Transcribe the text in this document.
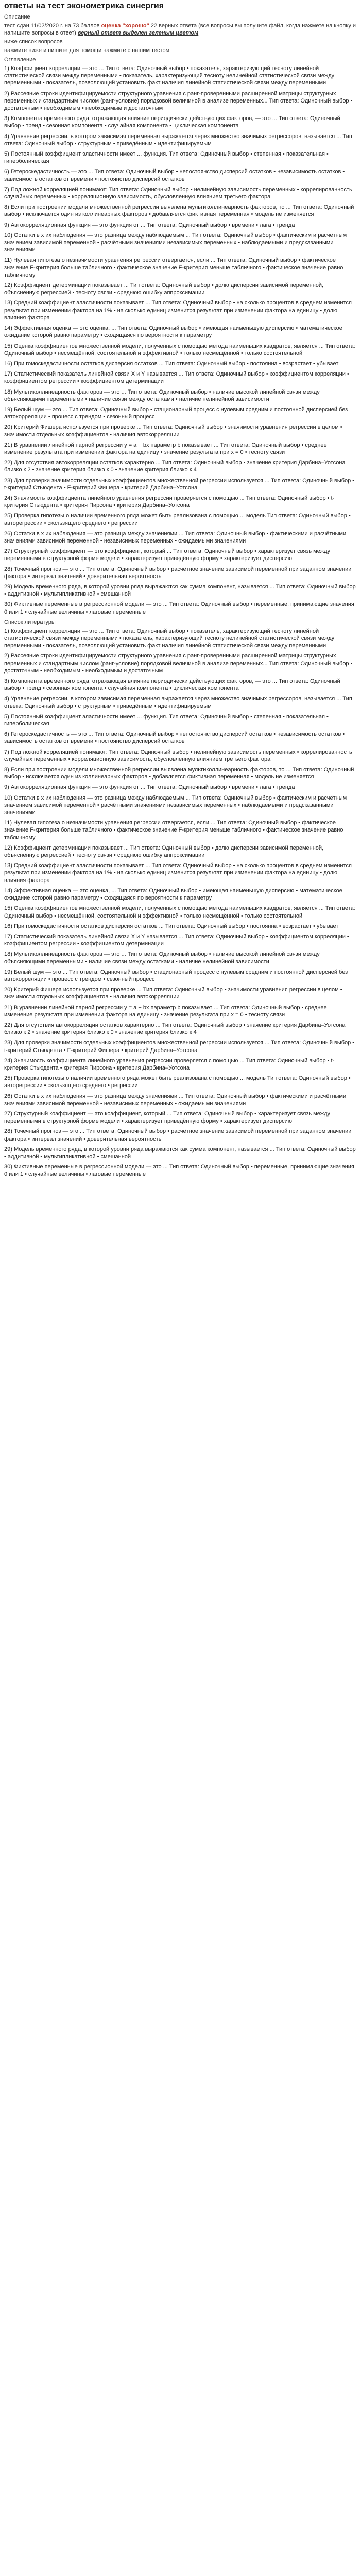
ответы на тест эконометрика синергия

Описание

тест сдан 11/02/2020 г. на 73 баллов оценка "хорошо" 22 верных ответа (все вопросы вы получите файл, когда нажмете на кнопку и напишите вопросы в ответ) верный ответ выделен зеленым цветом

ниже список вопросов

нажмите ниже и пишите для помощи нажмите с нашим тестом

Оглавление

1) Коэффициент корреляции — это ... Тип ответа: Одиночный выбор • показатель, характеризующий тесноту линейной статистической связи между переменными • показатель, характеризующий тесноту нелинейной статистической связи между переменными • показатель, позволяющий установить факт наличия линейной статистической связи между переменными

2) Рассеяние строки идентифицируемости структурного уравнения с ранг-проверенными расширенной матрицы структурных переменных и стандартным числом (ранг-условие) порядковой величиной в анализе переменных... Тип ответа: Одиночный выбор • достаточным • необходимым • необходимым и достаточным

3) Компонента временного ряда, отражающая влияние периодически действующих факторов, — это ... Тип ответа: Одиночный выбор • тренд • сезонная компонента • случайная компонента • циклическая компонента

4) Уравнение регрессии, в котором зависимая переменная выражается через множество значимых регрессоров, называется ... Тип ответа: Одиночный выбор • структурным • приведённым • идентифицируемым

5) Постоянный коэффициент эластичности имеет ... функция. Тип ответа: Одиночный выбор • степенная • показательная • гиперболическая

6) Гетероскедастичность — это ... Тип ответа: Одиночный выбор • непостоянство дисперсий остатков • независимость остатков • зависимость остатков от времени • постоянство дисперсий остатков

7) Под ложной корреляцией понимают: Тип ответа: Одиночный выбор • нелинейную зависимость переменных • коррелированность случайных переменных • корреляционную зависимость, обусловленную влиянием третьего фактора

8) Если при построении модели множественной регрессии выявлена мультиколлинеарность факторов, то ... Тип ответа: Одиночный выбор • исключается один из коллинеарных факторов • добавляется фиктивная переменная • модель не изменяется

9) Автокорреляционная функция — это функция от ... Тип ответа: Одиночный выбор • времени • лага • тренда

10) Остатки в х их наблюдения — это разница между наблюдаемым ... Тип ответа: Одиночный выбор • фактическим и расчётным значением зависимой переменной • расчётными значениями независимых переменных • наблюдаемыми и предсказанными значениями

11) Нулевая гипотеза о незначимости уравнения регрессии отвергается, если ... Тип ответа: Одиночный выбор • фактическое значение F-критерия больше табличного • фактическое значение F-критерия меньше табличного • фактическое значение равно табличному

12) Коэффициент детерминации показывает ... Тип ответа: Одиночный выбор • долю дисперсии зависимой переменной, объяснённую регрессией • тесноту связи • среднюю ошибку аппроксимации

13) Средний коэффициент эластичности показывает ... Тип ответа: Одиночный выбор • на сколько процентов в среднем изменится результат при изменении фактора на 1% • на сколько единиц изменится результат при изменении фактора на единицу • долю влияния фактора

14) Эффективная оценка — это оценка, ... Тип ответа: Одиночный выбор • имеющая наименьшую дисперсию • математическое ожидание которой равно параметру • сходящаяся по вероятности к параметру

15) Оценка коэффициентов множественной модели, полученных с помощью метода наименьших квадратов, является ... Тип ответа: Одиночный выбор • несмещённой, состоятельной и эффективной • только несмещённой • только состоятельной

16) При гомоскедастичности остатков дисперсия остатков ... Тип ответа: Одиночный выбор • постоянна • возрастает • убывает

17) Статистический показатель линейной связи X и Y называется ... Тип ответа: Одиночный выбор • коэффициентом корреляции • коэффициентом регрессии • коэффициентом детерминации

18) Мультиколлинеарность факторов — это ... Тип ответа: Одиночный выбор • наличие высокой линейной связи между объясняющими переменными • наличие связи между остатками • наличие нелинейной зависимости

19) Белый шум — это ... Тип ответа: Одиночный выбор • стационарный процесс с нулевым средним и постоянной дисперсией без автокорреляции • процесс с трендом • сезонный процесс

20) Критерий Фишера используется при проверке ... Тип ответа: Одиночный выбор • значимости уравнения регрессии в целом • значимости отдельных коэффициентов • наличия автокорреляции

21) В уравнении линейной парной регрессии y = a + bx параметр b показывает ... Тип ответа: Одиночный выбор • среднее изменение результата при изменении фактора на единицу • значение результата при x = 0 • тесноту связи

22) Для отсутствия автокорреляции остатков характерно ... Тип ответа: Одиночный выбор • значение критерия Дарбина–Уотсона близко к 2 • значение критерия близко к 0 • значение критерия близко к 4

23) Для проверки значимости отдельных коэффициентов множественной регрессии используется ... Тип ответа: Одиночный выбор • t-критерий Стьюдента • F-критерий Фишера • критерий Дарбина–Уотсона

24) Значимость коэффициента линейного уравнения регрессии проверяется с помощью ... Тип ответа: Одиночный выбор • t-критерия Стьюдента • критерия Пирсона • критерия Дарбина–Уотсона

25) Проверка гипотезы о наличии временного ряда может быть реализована с помощью ... модель Тип ответа: Одиночный выбор • авторегрессии • скользящего среднего • регрессии

26) Остатки в х их наблюдения — это разница между значениями ... Тип ответа: Одиночный выбор • фактическими и расчётными значениями зависимой переменной • независимых переменных • ожидаемыми значениями

27) Структурный коэффициент — это коэффициент, который ... Тип ответа: Одиночный выбор • характеризует связь между переменными в структурной форме модели • характеризует приведённую форму • характеризует дисперсию

28) Точечный прогноз — это ... Тип ответа: Одиночный выбор • расчётное значение зависимой переменной при заданном значении фактора • интервал значений • доверительная вероятность

29) Модель временного ряда, в которой уровни ряда выражаются как сумма компонент, называется ... Тип ответа: Одиночный выбор • аддитивной • мультипликативной • смешанной

30) Фиктивные переменные в регрессионной модели — это ... Тип ответа: Одиночный выбор • переменные, принимающие значения 0 или 1 • случайные величины • лаговые переменные

Список литературы

1) Коэффициент корреляции — это ... Тип ответа: Одиночный выбор • показатель, характеризующий тесноту линейной статистической связи между переменными • показатель, характеризующий тесноту нелинейной статистической связи между переменными • показатель, позволяющий установить факт наличия линейной статистической связи между переменными

2) Рассеяние строки идентифицируемости структурного уравнения с ранг-проверенными расширенной матрицы структурных переменных и стандартным числом (ранг-условие) порядковой величиной в анализе переменных... Тип ответа: Одиночный выбор • достаточным • необходимым • необходимым и достаточным

3) Компонента временного ряда, отражающая влияние периодически действующих факторов, — это ... Тип ответа: Одиночный выбор • тренд • сезонная компонента • случайная компонента • циклическая компонента

4) Уравнение регрессии, в котором зависимая переменная выражается через множество значимых регрессоров, называется ... Тип ответа: Одиночный выбор • структурным • приведённым • идентифицируемым

5) Постоянный коэффициент эластичности имеет ... функция. Тип ответа: Одиночный выбор • степенная • показательная • гиперболическая

6) Гетероскедастичность — это ... Тип ответа: Одиночный выбор • непостоянство дисперсий остатков • независимость остатков • зависимость остатков от времени • постоянство дисперсий остатков

7) Под ложной корреляцией понимают: Тип ответа: Одиночный выбор • нелинейную зависимость переменных • коррелированность случайных переменных • корреляционную зависимость, обусловленную влиянием третьего фактора

8) Если при построении модели множественной регрессии выявлена мультиколлинеарность факторов, то ... Тип ответа: Одиночный выбор • исключается один из коллинеарных факторов • добавляется фиктивная переменная • модель не изменяется

9) Автокорреляционная функция — это функция от ... Тип ответа: Одиночный выбор • времени • лага • тренда

10) Остатки в х их наблюдения — это разница между наблюдаемым ... Тип ответа: Одиночный выбор • фактическим и расчётным значением зависимой переменной • расчётными значениями независимых переменных • наблюдаемыми и предсказанными значениями

11) Нулевая гипотеза о незначимости уравнения регрессии отвергается, если ... Тип ответа: Одиночный выбор • фактическое значение F-критерия больше табличного • фактическое значение F-критерия меньше табличного • фактическое значение равно табличному

12) Коэффициент детерминации показывает ... Тип ответа: Одиночный выбор • долю дисперсии зависимой переменной, объяснённую регрессией • тесноту связи • среднюю ошибку аппроксимации

13) Средний коэффициент эластичности показывает ... Тип ответа: Одиночный выбор • на сколько процентов в среднем изменится результат при изменении фактора на 1% • на сколько единиц изменится результат при изменении фактора на единицу • долю влияния фактора

14) Эффективная оценка — это оценка, ... Тип ответа: Одиночный выбор • имеющая наименьшую дисперсию • математическое ожидание которой равно параметру • сходящаяся по вероятности к параметру

15) Оценка коэффициентов множественной модели, полученных с помощью метода наименьших квадратов, является ... Тип ответа: Одиночный выбор • несмещённой, состоятельной и эффективной • только несмещённой • только состоятельной

16) При гомоскедастичности остатков дисперсия остатков ... Тип ответа: Одиночный выбор • постоянна • возрастает • убывает

17) Статистический показатель линейной связи X и Y называется ... Тип ответа: Одиночный выбор • коэффициентом корреляции • коэффициентом регрессии • коэффициентом детерминации

18) Мультиколлинеарность факторов — это ... Тип ответа: Одиночный выбор • наличие высокой линейной связи между объясняющими переменными • наличие связи между остатками • наличие нелинейной зависимости

19) Белый шум — это ... Тип ответа: Одиночный выбор • стационарный процесс с нулевым средним и постоянной дисперсией без автокорреляции • процесс с трендом • сезонный процесс

20) Критерий Фишера используется при проверке ... Тип ответа: Одиночный выбор • значимости уравнения регрессии в целом • значимости отдельных коэффициентов • наличия автокорреляции

21) В уравнении линейной парной регрессии y = a + bx параметр b показывает ... Тип ответа: Одиночный выбор • среднее изменение результата при изменении фактора на единицу • значение результата при x = 0 • тесноту связи

22) Для отсутствия автокорреляции остатков характерно ... Тип ответа: Одиночный выбор • значение критерия Дарбина–Уотсона близко к 2 • значение критерия близко к 0 • значение критерия близко к 4

23) Для проверки значимости отдельных коэффициентов множественной регрессии используется ... Тип ответа: Одиночный выбор • t-критерий Стьюдента • F-критерий Фишера • критерий Дарбина–Уотсона

24) Значимость коэффициента линейного уравнения регрессии проверяется с помощью ... Тип ответа: Одиночный выбор • t-критерия Стьюдента • критерия Пирсона • критерия Дарбина–Уотсона

25) Проверка гипотезы о наличии временного ряда может быть реализована с помощью ... модель Тип ответа: Одиночный выбор • авторегрессии • скользящего среднего • регрессии

26) Остатки в х их наблюдения — это разница между значениями ... Тип ответа: Одиночный выбор • фактическими и расчётными значениями зависимой переменной • независимых переменных • ожидаемыми значениями

27) Структурный коэффициент — это коэффициент, который ... Тип ответа: Одиночный выбор • характеризует связь между переменными в структурной форме модели • характеризует приведённую форму • характеризует дисперсию

28) Точечный прогноз — это ... Тип ответа: Одиночный выбор • расчётное значение зависимой переменной при заданном значении фактора • интервал значений • доверительная вероятность

29) Модель временного ряда, в которой уровни ряда выражаются как сумма компонент, называется ... Тип ответа: Одиночный выбор • аддитивной • мультипликативной • смешанной

30) Фиктивные переменные в регрессионной модели — это ... Тип ответа: Одиночный выбор • переменные, принимающие значения 0 или 1 • случайные величины • лаговые переменные
